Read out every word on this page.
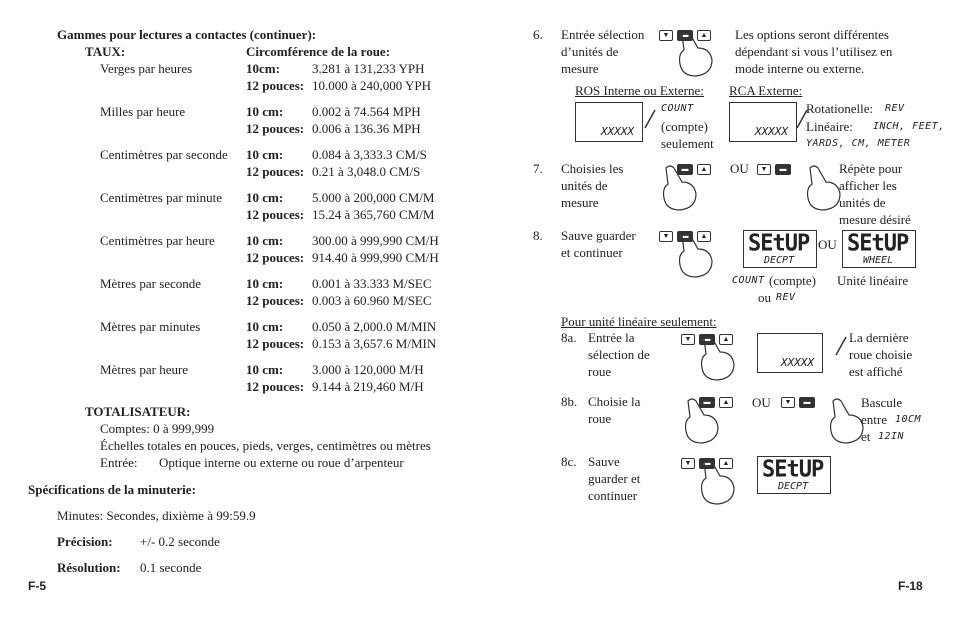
Gammes pour lectures a contactes (continuer):
TAUX:	Circomférence de la roue:
Verges par heures	10cm: 3.281 à 131,233 YPH
12 pouces: 10.000 à 240,000 YPH
Milles par heure	10 cm: 0.002 à 74.564 MPH
12 pouces: 0.006 à 136.36 MPH
Centimètres par seconde 10 cm: 0.084 à 3,333.3 CM/S
12 pouces: 0.21 à 3,048.0 CM/S
Centimètres par minute 10 cm: 5.000 à 200,000 CM/M
12 pouces: 15.24 à 365,760 CM/M
Centimètres par heure 10 cm: 300.00 à 999,990 CM/H
12 pouces: 914.40 à 999,990 CM/H
Mètres par seconde	10 cm: 0.001 à 33.333 M/SEC
12 pouces: 0.003 à 60.960 M/SEC
Mètres par minutes	10 cm: 0.050 à 2,000.0 M/MIN
12 pouces: 0.153 à 3,657.6 M/MIN
Mètres par heure	10 cm: 3.000 à 120,000 M/H
12 pouces: 9.144 à 219,460 M/H
TOTALISATEUR:
Comptes: 0 à 999,999
Échelles totales en pouces, pieds, verges, centimètres ou mètres
Entrée: Optique interne ou externe ou roue d’arpenteur
Spécifications de la minuterie:
Minutes: Secondes, dixième à 99:59.9
Précision: +/- 0.2 seconde
Résolution: 0.1 seconde
F-5
6. Entrée sélection
d’unités de
mesure
▼	▬	▲ Les options seront différentes
dépendant si vous l’utilisez en
mode interne ou externe.
ROS Interne ou Externe: RCA Externe:
XXXXX
COUNT
(compte)
seulement
XXXXX
Rotationelle: REV
Linéaire: INCH, FEET,
YARDS, CM, METER
7. Choisies les
unités de
mesure
▬	▲ OU	▼	▬	Répète pour
afficher les
unités de
mesure désiré
8. Sauve guarder
et continuer
▼	▬	▲ SEtUP
DECPT
OU SEtUP
WHEEL
COUNT (compte)
ou REV
Unité linéaire
Pour unité linéaire seulement:
8a. Entrée la
sélection de
roue
▼	▬	▲
XXXXX
La dernière
roue choisie
est affiché
8b. Choisie la
roue
▬	▲ OU	▼	▬	Bascule
entre 10CM
et 12IN
8c. Sauve
guarder et
continuer
▼	▬	▲ SEtUP
DECPT
F-18
